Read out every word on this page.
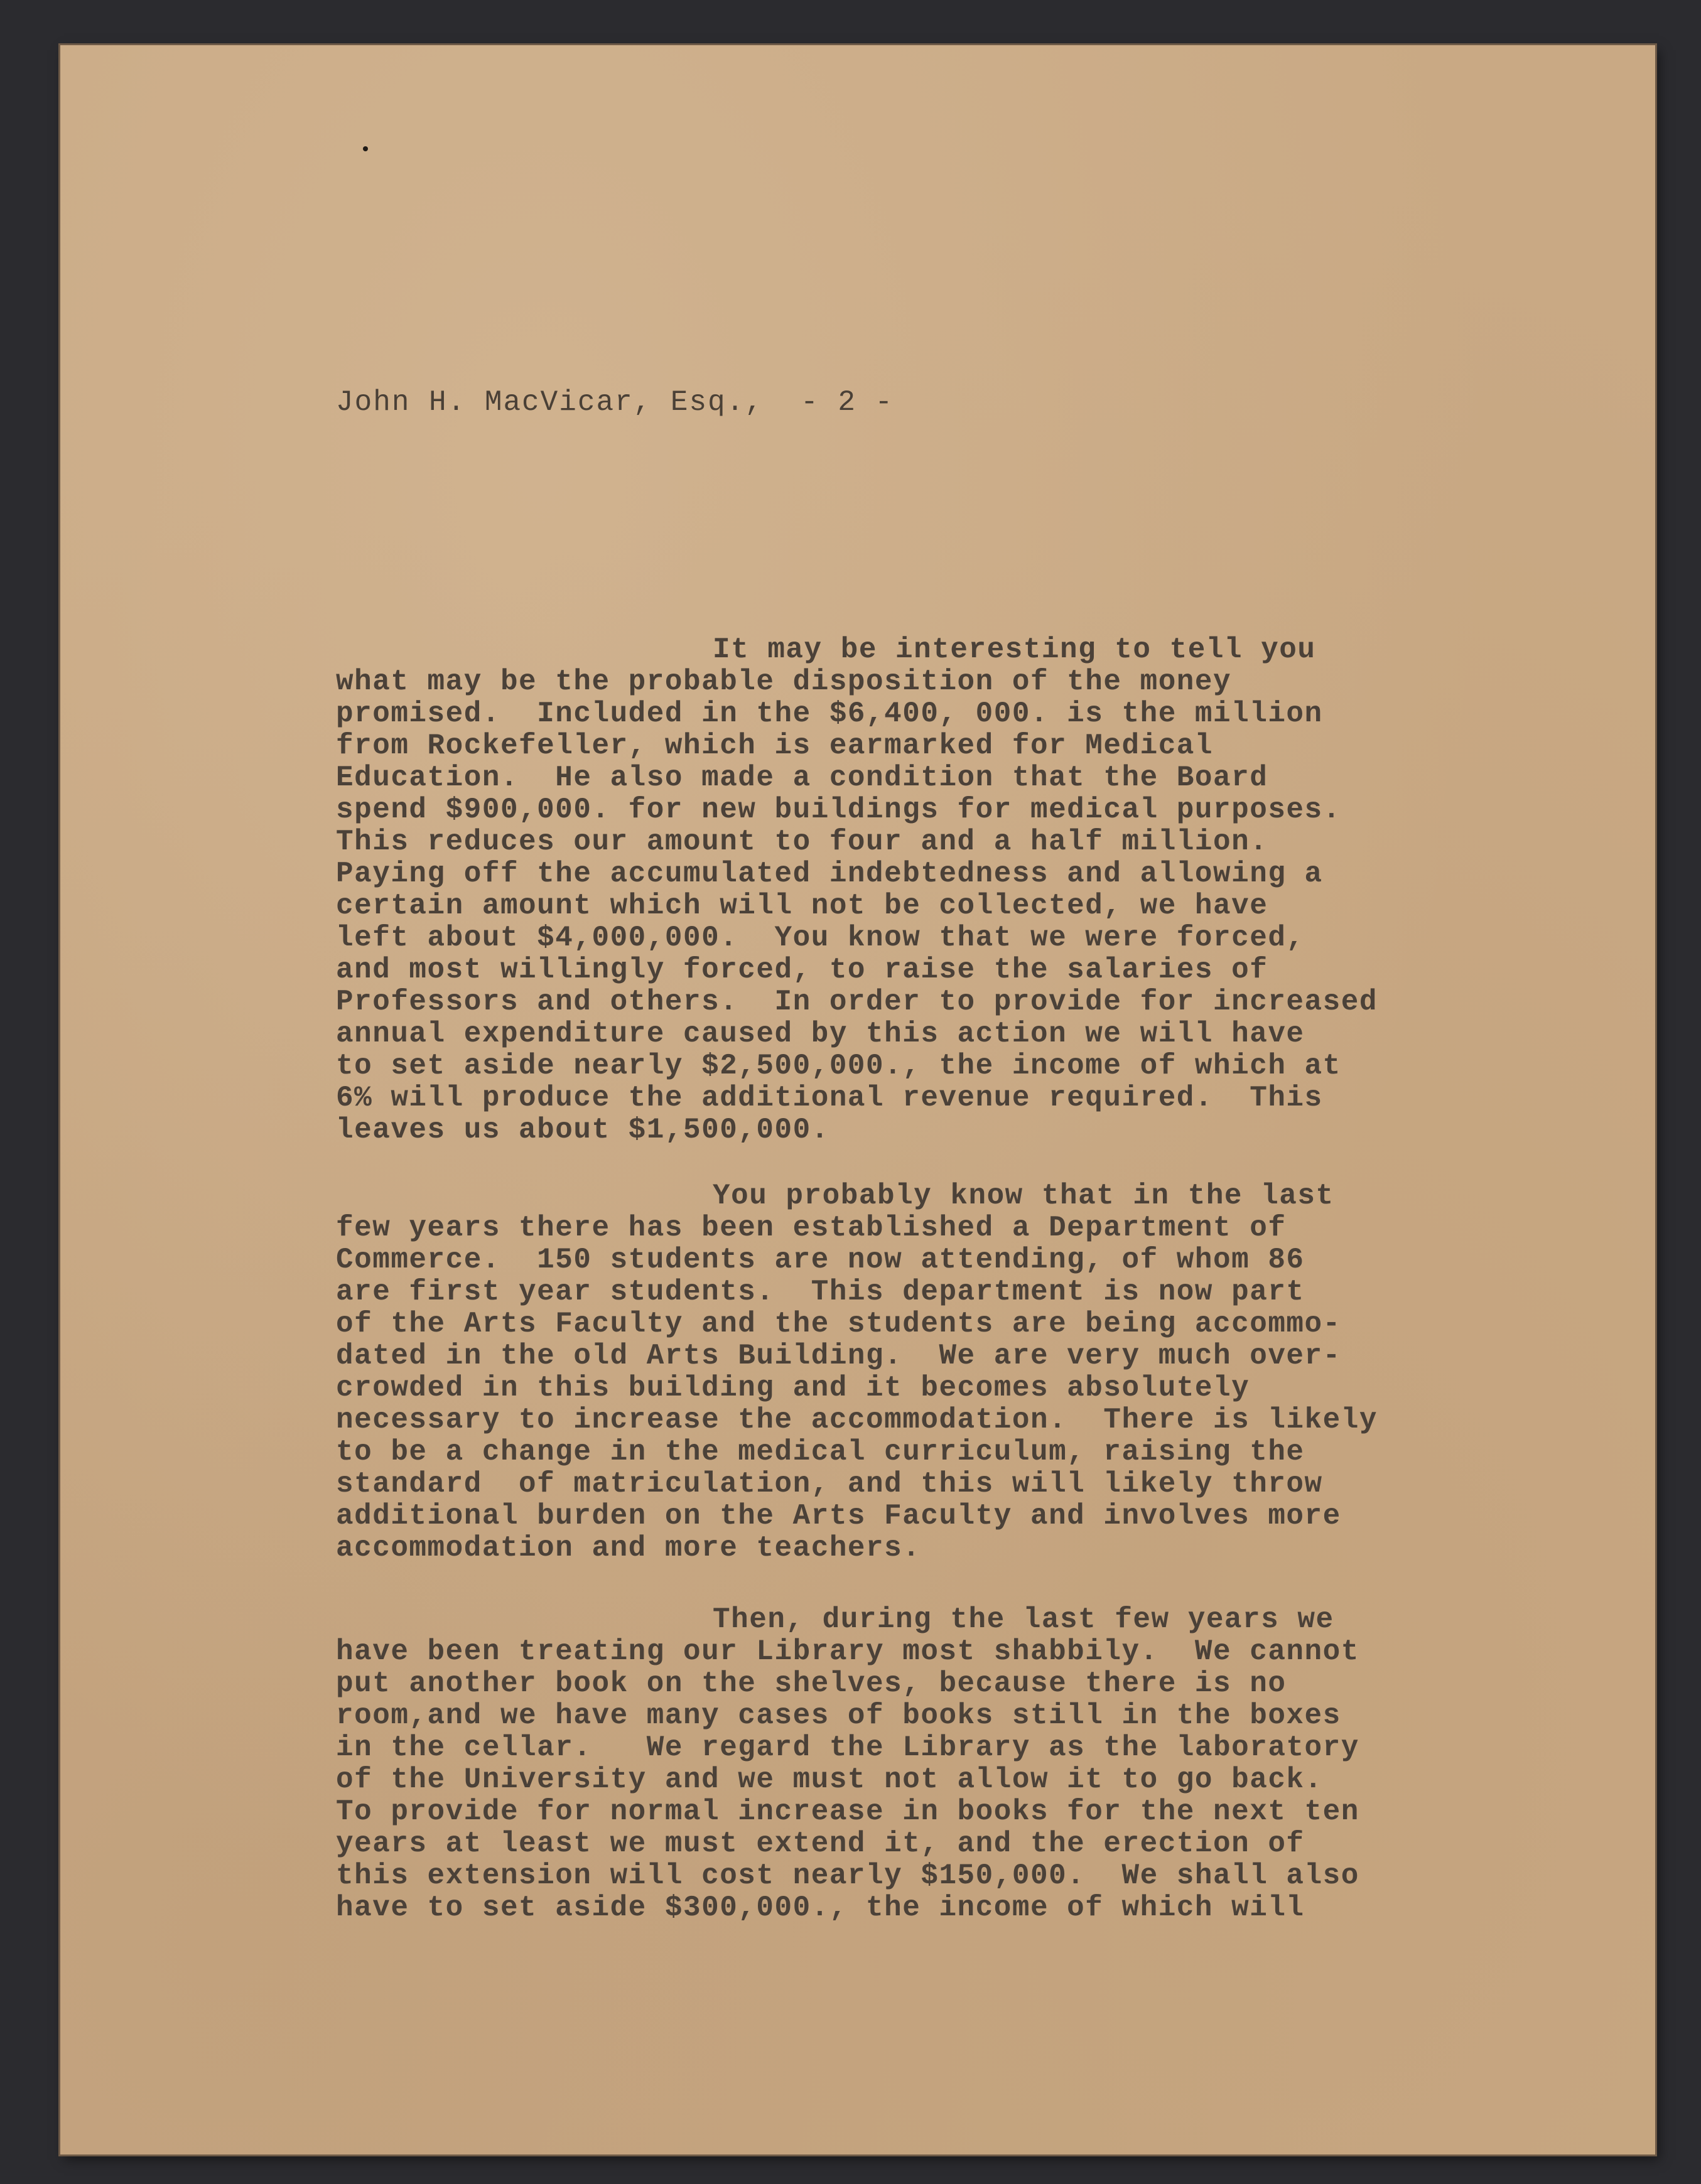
John H. MacVicar, Esq.,  - 2 -
It may be interesting to tell you
what may be the probable disposition of the money
promised.  Included in the $6,400, 000. is the million
from Rockefeller, which is earmarked for Medical
Education.  He also made a condition that the Board
spend $900,000. for new buildings for medical purposes.
This reduces our amount to four and a half million.
Paying off the accumulated indebtedness and allowing a
certain amount which will not be collected, we have
left about $4,000,000.  You know that we were forced,
and most willingly forced, to raise the salaries of
Professors and others.  In order to provide for increased
annual expenditure caused by this action we will have
to set aside nearly $2,500,000., the income of which at
6% will produce the additional revenue required.  This
leaves us about $1,500,000.
You probably know that in the last
few years there has been established a Department of
Commerce.  150 students are now attending, of whom 86
are first year students.  This department is now part
of the Arts Faculty and the students are being accommo-
dated in the old Arts Building.  We are very much over-
crowded in this building and it becomes absolutely
necessary to increase the accommodation.  There is likely
to be a change in the medical curriculum, raising the
standard  of matriculation, and this will likely throw
additional burden on the Arts Faculty and involves more
accommodation and more teachers.
Then, during the last few years we
have been treating our Library most shabbily.  We cannot
put another book on the shelves, because there is no
room,and we have many cases of books still in the boxes
in the cellar.   We regard the Library as the laboratory
of the University and we must not allow it to go back.
To provide for normal increase in books for the next ten
years at least we must extend it, and the erection of
this extension will cost nearly $150,000.  We shall also
have to set aside $300,000., the income of which will
